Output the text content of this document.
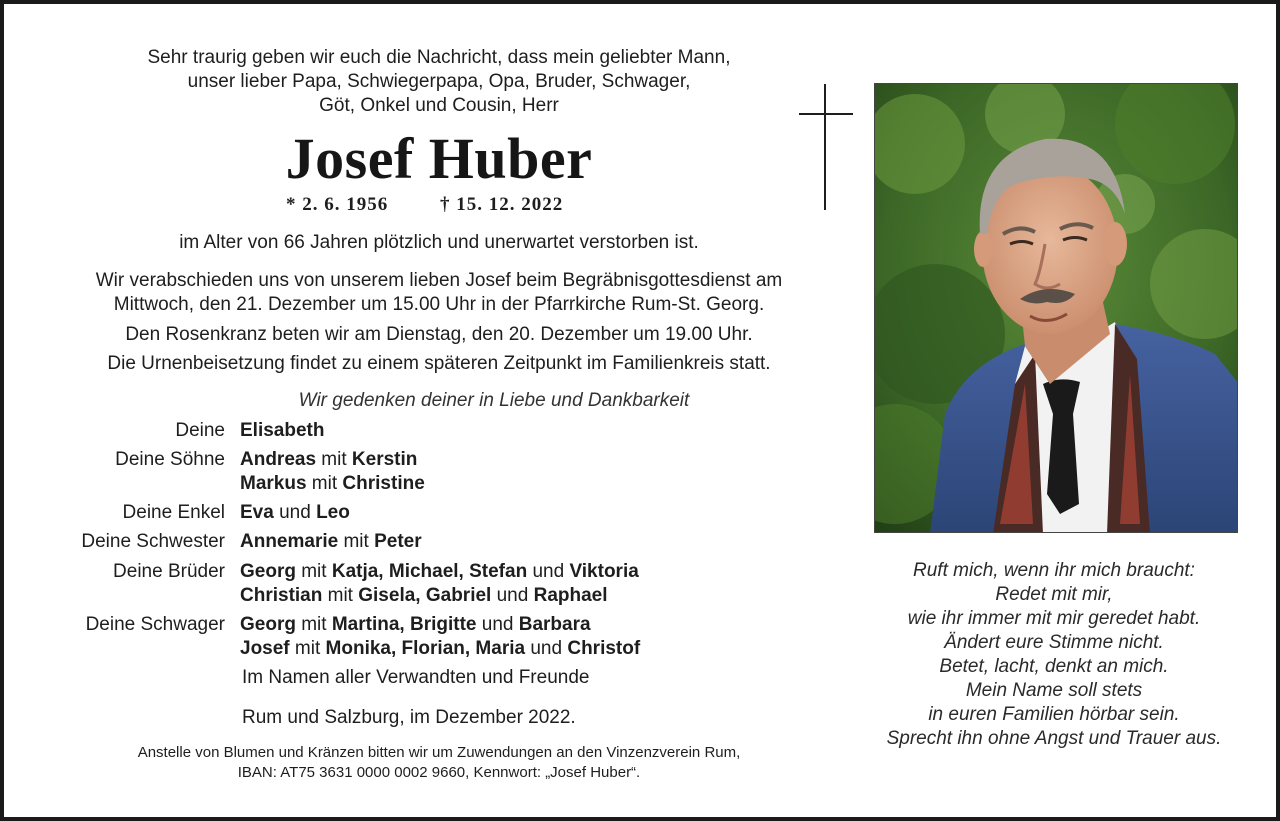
Sehr traurig geben wir euch die Nachricht, dass mein geliebter Mann,
unser lieber Papa, Schwiegerpapa, Opa, Bruder, Schwager,
Göt, Onkel und Cousin, Herr
Josef Huber
* 2. 6. 1956	† 15. 12. 2022
im Alter von 66 Jahren plötzlich und unerwartet verstorben ist.
Wir verabschieden uns von unserem lieben Josef beim Begräbnisgottesdienst am
Mittwoch, den 21. Dezember um 15.00 Uhr in der Pfarrkirche Rum-St. Georg.
Den Rosenkranz beten wir am Dienstag, den 20. Dezember um 19.00 Uhr.
Die Urnenbeisetzung findet zu einem späteren Zeitpunkt im Familienkreis statt.
Wir gedenken deiner in Liebe und Dankbarkeit
Deine Elisabeth
Deine Söhne Andreas mit Kerstin
Markus mit Christine
Deine Enkel Eva und Leo
Deine Schwester Annemarie mit Peter
Deine Brüder Georg mit Katja, Michael, Stefan und Viktoria
Christian mit Gisela, Gabriel und Raphael
Deine Schwager Georg mit Martina, Brigitte und Barbara
Josef mit Monika, Florian, Maria und Christof
Im Namen aller Verwandten und Freunde
Rum und Salzburg, im Dezember 2022.
Anstelle von Blumen und Kränzen bitten wir um Zuwendungen an den Vinzenzverein Rum,
IBAN: AT75 3631 0000 0002 9660, Kennwort: „Josef Huber“.
Ruft mich, wenn ihr mich braucht:
Redet mit mir,
wie ihr immer mit mir geredet habt.
Ändert eure Stimme nicht.
Betet, lacht, denkt an mich.
Mein Name soll stets
in euren Familien hörbar sein.
Sprecht ihn ohne Angst und Trauer aus.
